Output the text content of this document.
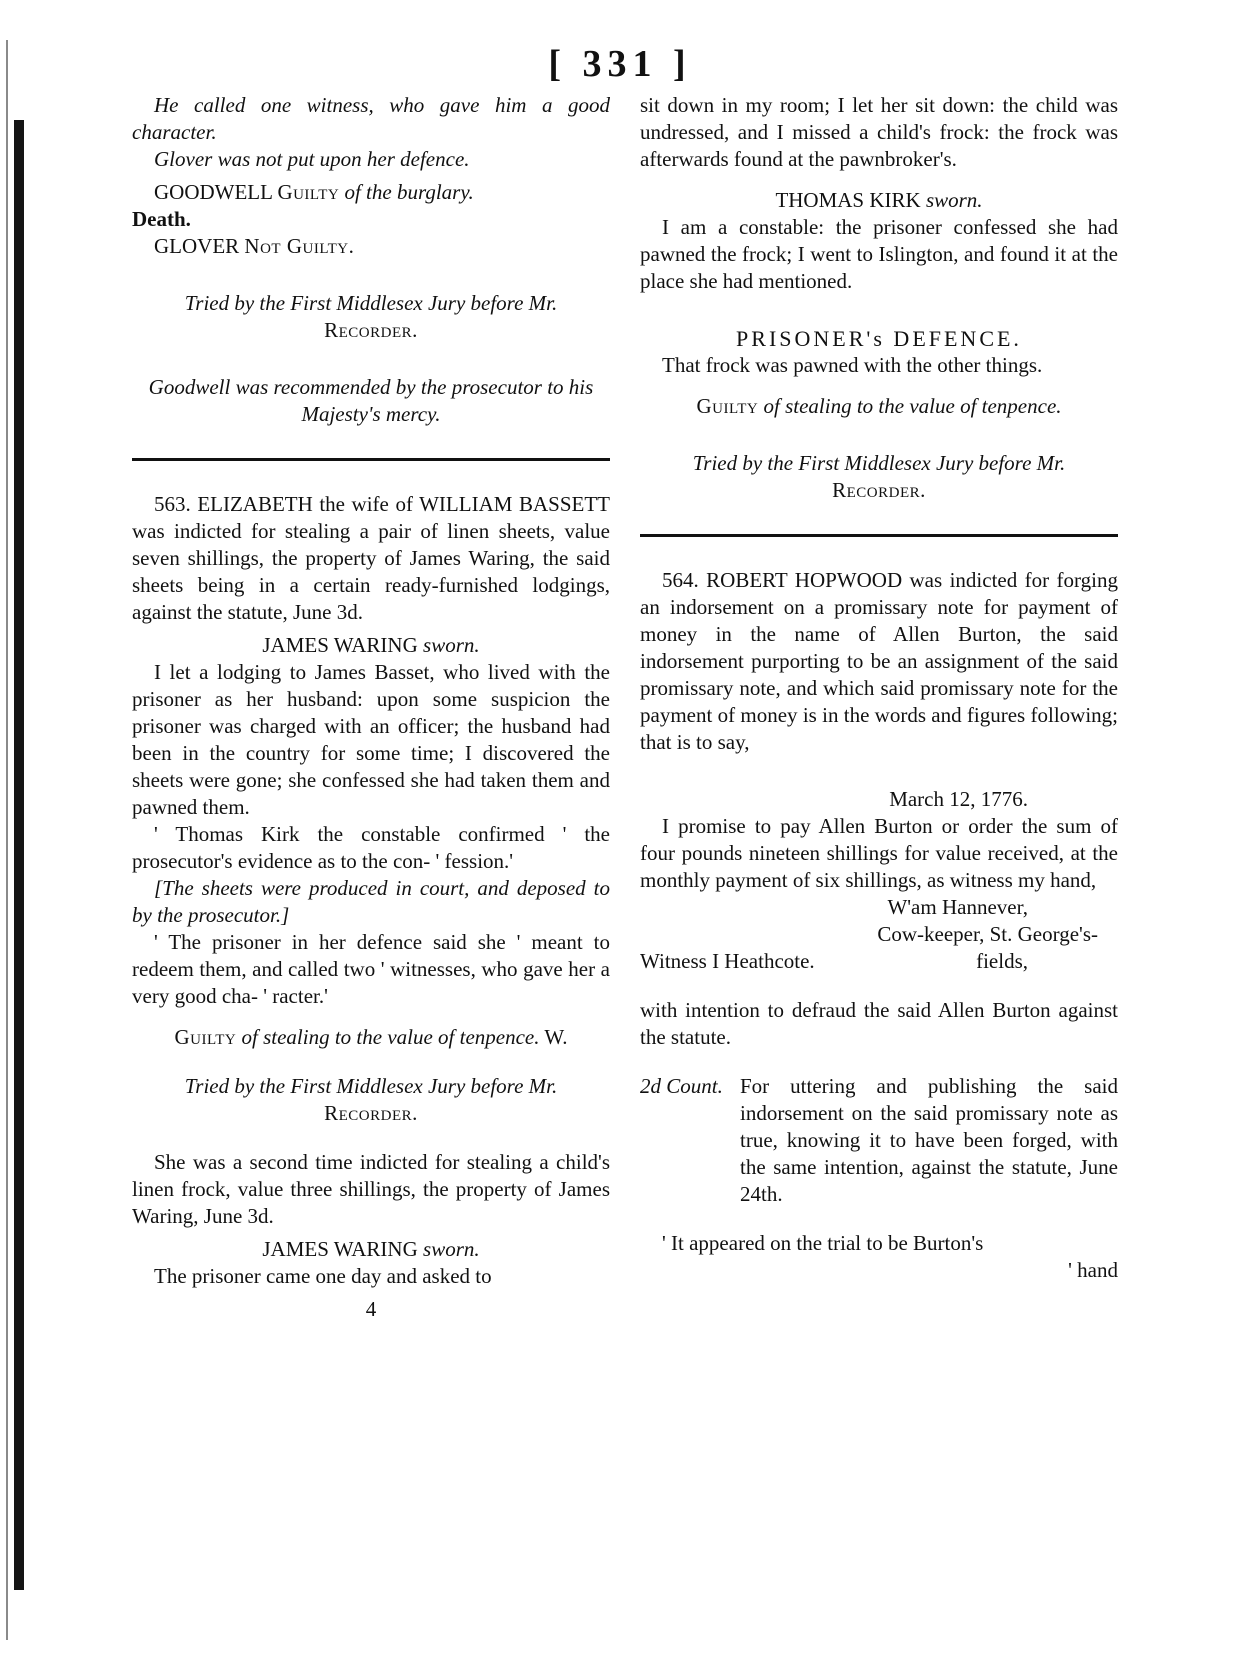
[ 331 ]

He called one witness, who gave him a good character.

Glover was not put upon her defence.

GOODWELL Guilty of the burglary.

Death.

GLOVER Not Guilty.

Tried by the First Middlesex Jury before Mr.
Recorder.

Goodwell was recommended by the prosecutor to his Majesty's mercy.

563. ELIZABETH the wife of WILLIAM BASSETT was indicted for stealing a pair of linen sheets, value seven shillings, the property of James Waring, the said sheets being in a certain ready-furnished lodgings, against the statute, June 3d.

JAMES WARING sworn.

I let a lodging to James Basset, who lived with the prisoner as her husband: upon some suspicion the prisoner was charged with an officer; the husband had been in the country for some time; I discovered the sheets were gone; she confessed she had taken them and pawned them.

' Thomas Kirk the constable confirmed ' the prosecutor's evidence as to the con- ' fession.'

[The sheets were produced in court, and deposed to by the prosecutor.]

' The prisoner in her defence said she ' meant to redeem them, and called two ' witnesses, who gave her a very good cha- ' racter.'

Guilty of stealing to the value of tenpence. W.

Tried by the First Middlesex Jury before Mr.
Recorder.

She was a second time indicted for stealing a child's linen frock, value three shillings, the property of James Waring, June 3d.

JAMES WARING sworn.

The prisoner came one day and asked to

4

sit down in my room; I let her sit down: the child was undressed, and I missed a child's frock: the frock was afterwards found at the pawnbroker's.

THOMAS KIRK sworn.

I am a constable: the prisoner confessed she had pawned the frock; I went to Islington, and found it at the place she had mentioned.

PRISONER's DEFENCE.

That frock was pawned with the other things.

Guilty of stealing to the value of tenpence.

Tried by the First Middlesex Jury before Mr.
Recorder.

564. ROBERT HOPWOOD was indicted for forging an indorsement on a promissary note for payment of money in the name of Allen Burton, the said indorsement purporting to be an assignment of the said promissary note, and which said promissary note for the payment of money is in the words and figures following; that is to say,

March 12, 1776.

I promise to pay Allen Burton or order the sum of four pounds nineteen shillings for value received, at the monthly payment of six shillings, as witness my hand,

W'am Hannever,

Cow-keeper, St. George's-

Witness I Heathcote.	fields,

with intention to defraud the said Allen Burton against the statute.

2d Count. For uttering and publishing the said indorsement on the said promissary note as true, knowing it to have been forged, with the same intention, against the statute, June 24th.

' It appeared on the trial to be Burton's

' hand
